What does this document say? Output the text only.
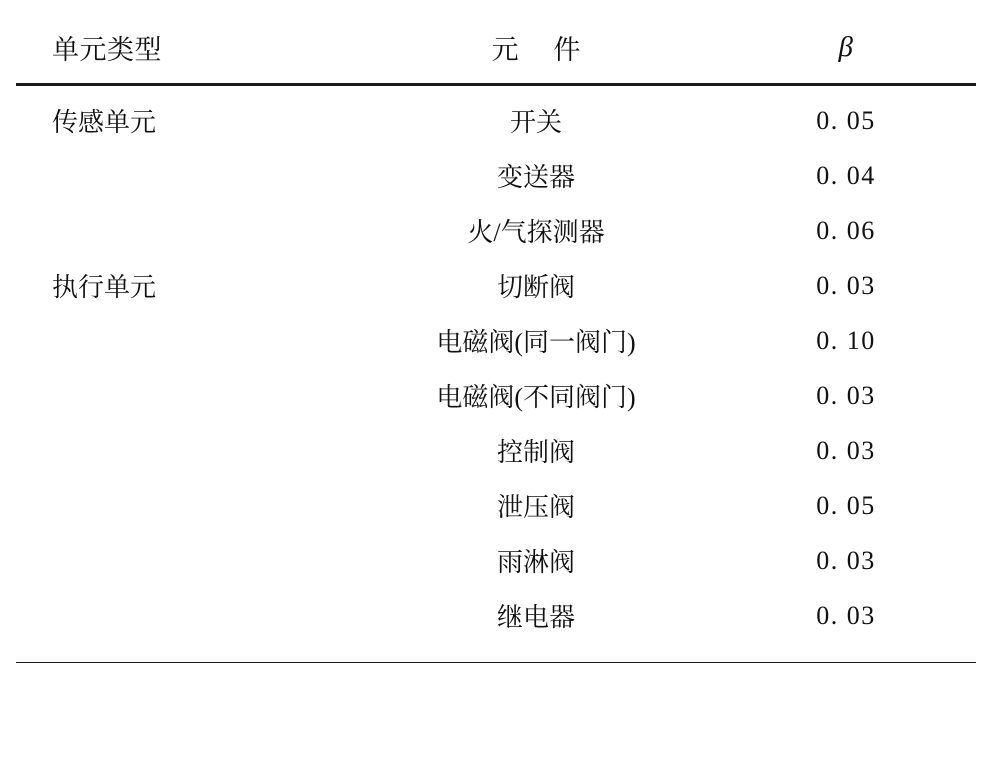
单元类型	元 件	β

传感单元	开关	0. 05
	变送器	0. 04
	火/气探测器	0. 06
执行单元	切断阀	0. 03
	电磁阀(同一阀门)	0. 10
	电磁阀(不同阀门)	0. 03
	控制阀	0. 03
	泄压阀	0. 05
	雨淋阀	0. 03
	继电器	0. 03
